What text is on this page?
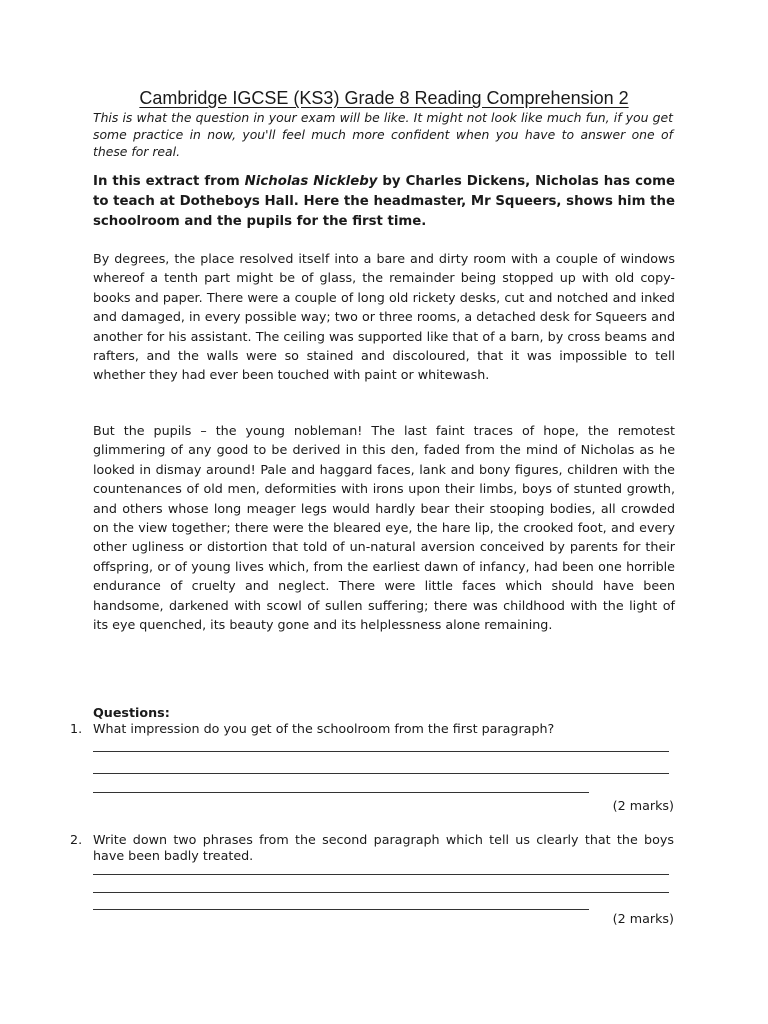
Cambridge IGCSE (KS3) Grade 8 Reading Comprehension 2
This is what the question in your exam will be like. It might not look like much fun, if you get some practice in now, you'll feel much more confident when you have to answer one of these for real.
In this extract from Nicholas Nickleby by Charles Dickens, Nicholas has come to teach at Dotheboys Hall. Here the headmaster, Mr Squeers, shows him the schoolroom and the pupils for the first time.
By degrees, the place resolved itself into a bare and dirty room with a couple of windows whereof a tenth part might be of glass, the remainder being stopped up with old copy-books and paper. There were a couple of long old rickety desks, cut and notched and inked and damaged, in every possible way; two or three rooms, a detached desk for Squeers and another for his assistant. The ceiling was supported like that of a barn, by cross beams and rafters, and the walls were so stained and discoloured, that it was impossible to tell whether they had ever been touched with paint or whitewash.
But the pupils – the young nobleman! The last faint traces of hope, the remotest glimmering of any good to be derived in this den, faded from the mind of Nicholas as he looked in dismay around! Pale and haggard faces, lank and bony figures, children with the countenances of old men, deformities with irons upon their limbs, boys of stunted growth, and others whose long meager legs would hardly bear their stooping bodies, all crowded on the view together; there were the bleared eye, the hare lip, the crooked foot, and every other ugliness or distortion that told of un-natural aversion conceived by parents for their offspring, or of young lives which, from the earliest dawn of infancy, had been one horrible endurance of cruelty and neglect. There were little faces which should have been handsome, darkened with scowl of sullen suffering; there was childhood with the light of its eye quenched, its beauty gone and its helplessness alone remaining.
Questions:
1. What impression do you get of the schoolroom from the first paragraph?
(2 marks)
2. Write down two phrases from the second paragraph which tell us clearly that the boys have been badly treated.
(2 marks)
